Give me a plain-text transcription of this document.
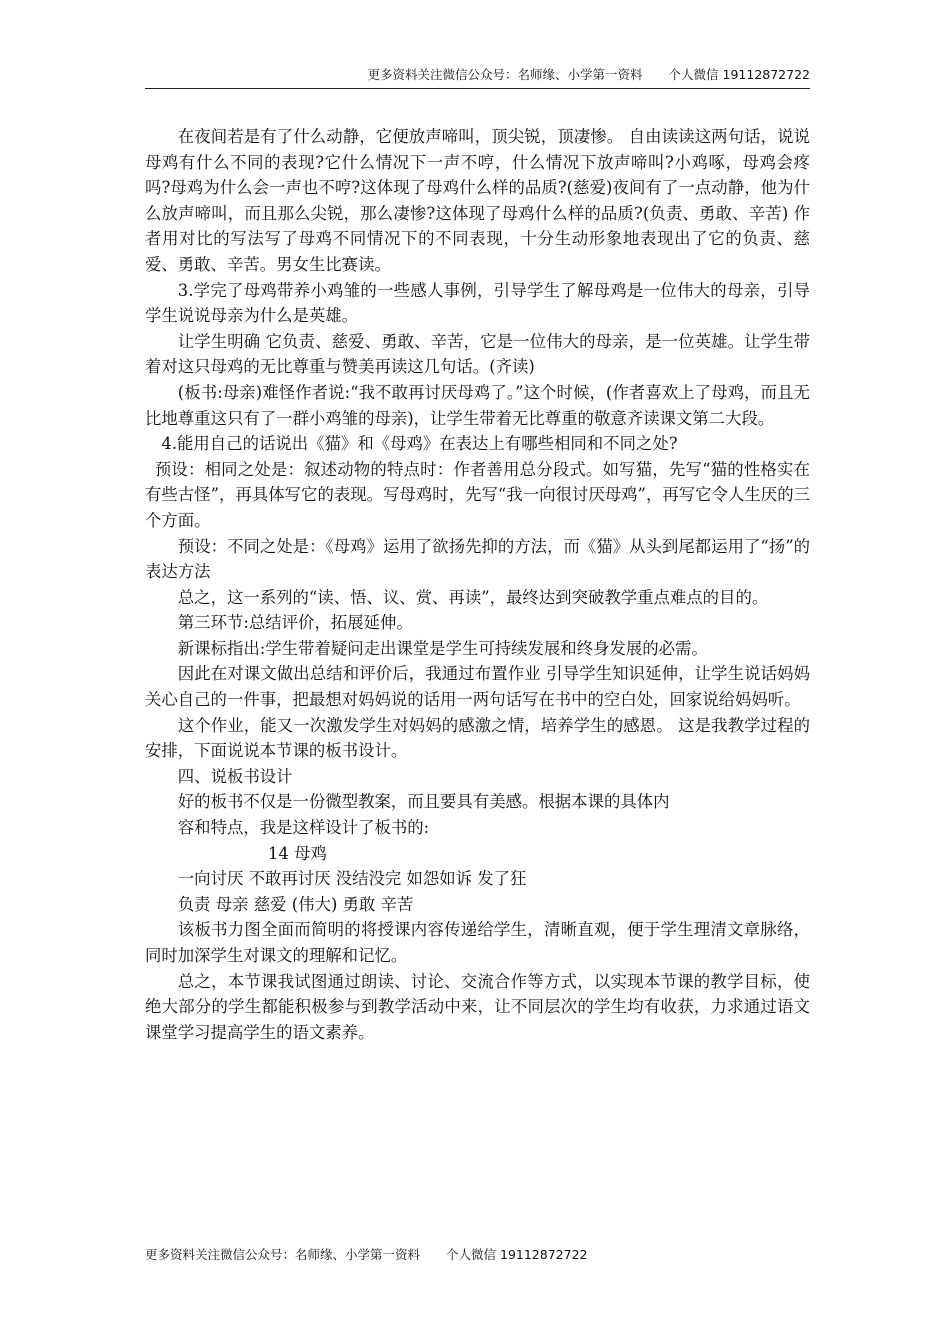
更多资料关注微信公众号：名师缘、小学第一资料 个人微信 19112872722

在夜间若是有了什么动静，它便放声啼叫，顶尖锐，顶凄惨。 自由读读这两句话，说说母鸡有什么不同的表现?它什么情况下一声不哼，什么情况下放声啼叫?小鸡啄，母鸡会疼吗?母鸡为什么会一声也不哼?这体现了母鸡什么样的品质?(慈爱)夜间有了一点动静，他为什么放声啼叫，而且那么尖锐，那么凄惨?这体现了母鸡什么样的品质?(负责、勇敢、辛苦) 作者用对比的写法写了母鸡不同情况下的不同表现，十分生动形象地表现出了它的负责、慈爱、勇敢、辛苦。男女生比赛读。

3.学完了母鸡带养小鸡雏的一些感人事例，引导学生了解母鸡是一位伟大的母亲，引导学生说说母亲为什么是英雄。

让学生明确 它负责、慈爱、勇敢、辛苦，它是一位伟大的母亲，是一位英雄。让学生带着对这只母鸡的无比尊重与赞美再读这几句话。(齐读)

(板书:母亲)难怪作者说:“我不敢再讨厌母鸡了。”这个时候，(作者喜欢上了母鸡，而且无比地尊重这只有了一群小鸡雏的母亲)，让学生带着无比尊重的敬意齐读课文第二大段。

4.能用自己的话说出《猫》和《母鸡》在表达上有哪些相同和不同之处?

预设：相同之处是：叙述动物的特点时：作者善用总分段式。如写猫，先写“猫的性格实在有些古怪”，再具体写它的表现。写母鸡时，先写“我一向很讨厌母鸡”，再写它令人生厌的三个方面。

预设：不同之处是：《母鸡》运用了欲扬先抑的方法，而《猫》从头到尾都运用了“扬”的表达方法

总之，这一系列的“读、悟、议、赏、再读”，最终达到突破教学重点难点的目的。

第三环节:总结评价，拓展延伸。

新课标指出:学生带着疑问走出课堂是学生可持续发展和终身发展的必需。

因此在对课文做出总结和评价后，我通过布置作业 引导学生知识延伸，让学生说话妈妈关心自己的一件事，把最想对妈妈说的话用一两句话写在书中的空白处，回家说给妈妈听。

这个作业，能又一次激发学生对妈妈的感激之情，培养学生的感恩。 这是我教学过程的安排，下面说说本节课的板书设计。

四、说板书设计

好的板书不仅是一份微型教案，而且要具有美感。根据本课的具体内

容和特点，我是这样设计了板书的:

14 母鸡

一向讨厌 不敢再讨厌 没结没完 如怨如诉 发了狂

负责 母亲 慈爱 (伟大) 勇敢 辛苦

该板书力图全面而简明的将授课内容传递给学生，清晰直观，便于学生理清文章脉络，同时加深学生对课文的理解和记忆。

总之，本节课我试图通过朗读、讨论、交流合作等方式，以实现本节课的教学目标，使绝大部分的学生都能积极参与到教学活动中来，让不同层次的学生均有收获，力求通过语文课堂学习提高学生的语文素养。

更多资料关注微信公众号：名师缘、小学第一资料 个人微信 19112872722
